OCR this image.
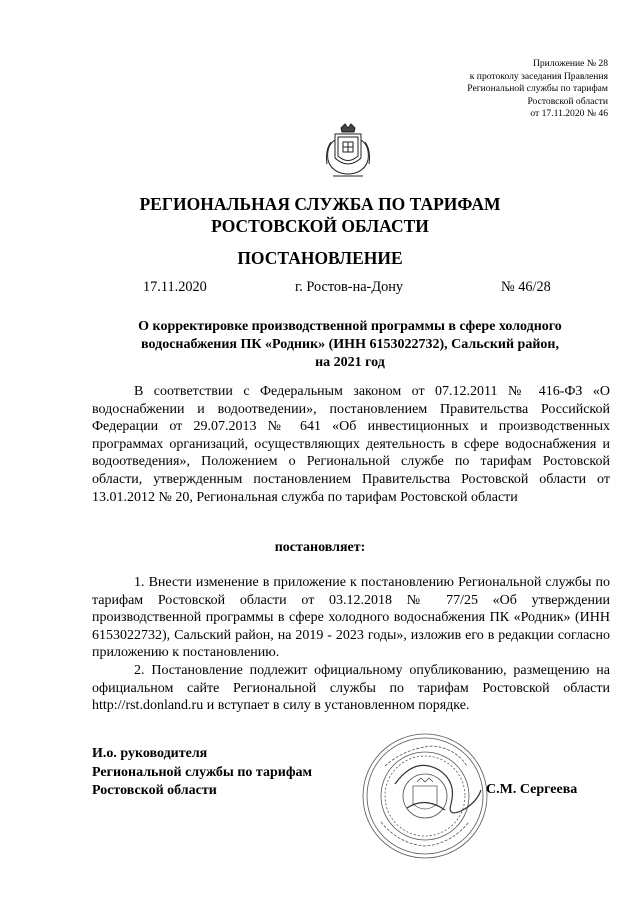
Приложение № 28
к протоколу заседания Правления
Региональной службы по тарифам
Ростовской области
от 17.11.2020 № 46
РЕГИОНАЛЬНАЯ СЛУЖБА ПО ТАРИФАМ
РОСТОВСКОЙ ОБЛАСТИ
ПОСТАНОВЛЕНИЕ
17.11.2020	г. Ростов-на-Дону	№ 46/28
О корректировке производственной программы в сфере холодного
водоснабжения ПК «Родник» (ИНН 6153022732), Сальский район,
на 2021 год

В соответствии с Федеральным законом от 07.12.2011 № 416-ФЗ «О водоснабжении и водоотведении», постановлением Правительства Российской Федерации от 29.07.2013 № 641 «Об инвестиционных и производственных программах организаций, осуществляющих деятельность в сфере водоснабжения и водоотведения», Положением о Региональной службе по тарифам Ростовской области, утвержденным постановлением Правительства Ростовской области от 13.01.2012 № 20, Региональная служба по тарифам Ростовской области

постановляет:

1. Внести изменение в приложение к постановлению Региональной службы по тарифам Ростовской области от 03.12.2018 № 77/25 «Об утверждении производственной программы в сфере холодного водоснабжения ПК «Родник» (ИНН 6153022732), Сальский район, на 2019 - 2023 годы», изложив его в редакции согласно приложению к постановлению.

2. Постановление подлежит официальному опубликованию, размещению на официальном сайте Региональной службы по тарифам Ростовской области http://rst.donland.ru и вступает в силу в установленном порядке.

И.о. руководителя
Региональной службы по тарифам
Ростовской области	С.М. Сергеева
